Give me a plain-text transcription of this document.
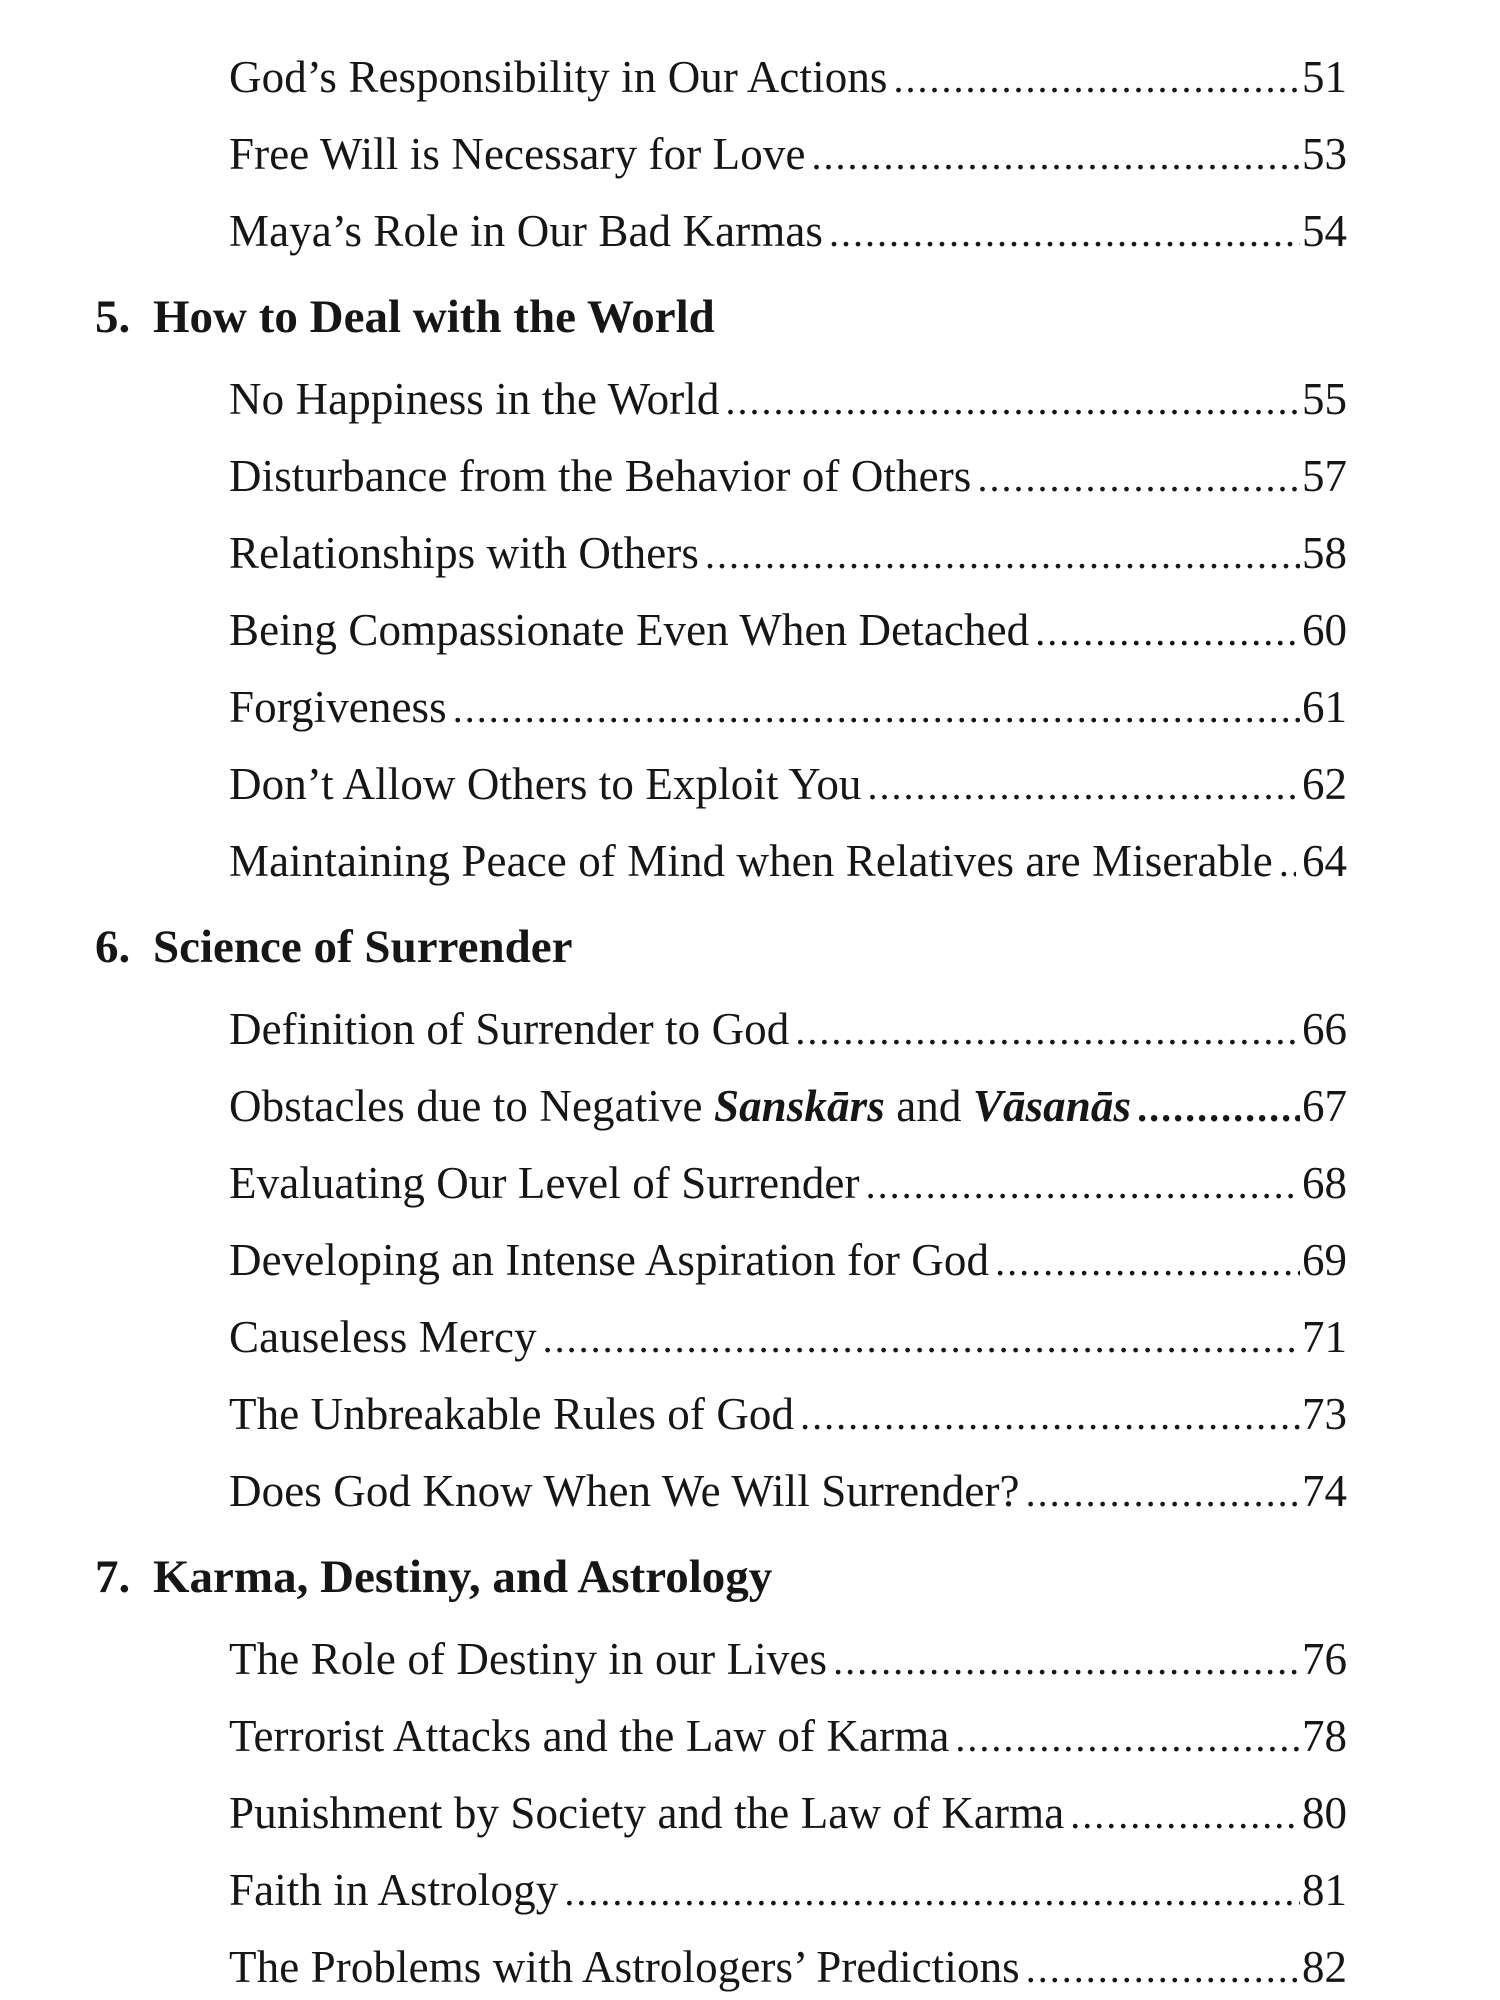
God’s Responsibility in Our Actions .....	51
Free Will is Necessary for Love .....	53
Maya’s Role in Our Bad Karmas .....	54
5. How to Deal with the World
No Happiness in the World .....	55
Disturbance from the Behavior of Others .....	57
Relationships with Others .....	58
Being Compassionate Even When Detached .....	60
Forgiveness .....	61
Don’t Allow Others to Exploit You .....	62
Maintaining Peace of Mind when Relatives are Miserable ..... 64
6. Science of Surrender
Definition of Surrender to God .....	66
Obstacles due to Negative Sanskārs and Vāsanās .....	67
Evaluating Our Level of Surrender .....	68
Developing an Intense Aspiration for God .....	69
Causeless Mercy .....	71
The Unbreakable Rules of God .....	73
Does God Know When We Will Surrender? .....	74
7. Karma, Destiny, and Astrology
The Role of Destiny in our Lives .....	76
Terrorist Attacks and the Law of Karma .....	78
Punishment by Society and the Law of Karma .....	80
Faith in Astrology .....	81
The Problems with Astrologers’ Predictions .....	82
